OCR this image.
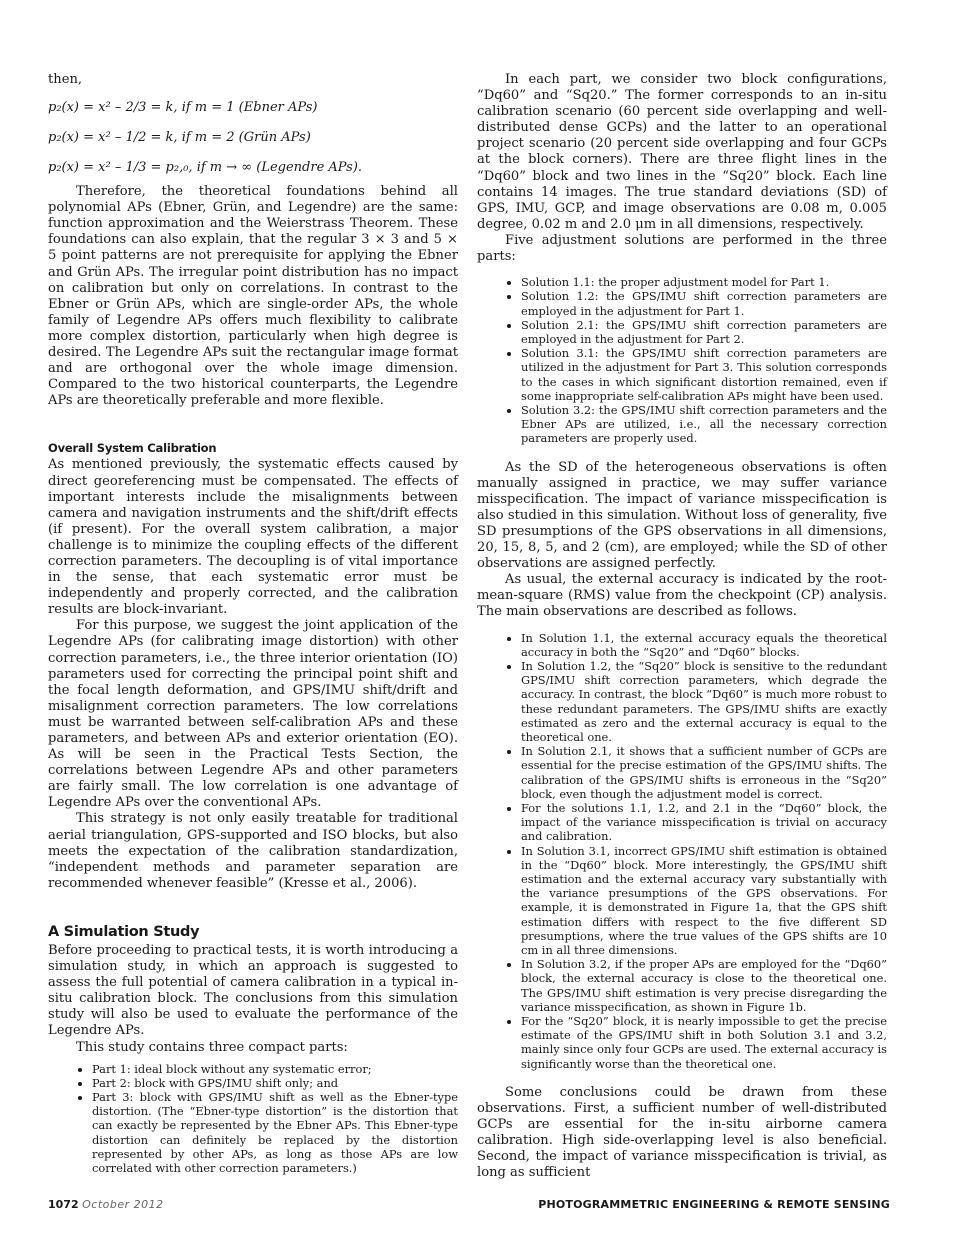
then,

p₂(x) = x² – 2/3 = k, if m = 1 (Ebner APs)
p₂(x) = x² – 1/2 = k, if m = 2 (Grün APs)
p₂(x) = x² – 1/3 = p₂,₀, if m → ∞ (Legendre APs).

Therefore, the theoretical foundations behind all polynomial APs (Ebner, Grün, and Legendre) are the same: function approximation and the Weierstrass Theorem. These foundations can also explain, that the regular 3 × 3 and 5 × 5 point patterns are not prerequisite for applying the Ebner and Grün APs. The irregular point distribution has no impact on calibration but only on correlations. In contrast to the Ebner or Grün APs, which are single-order APs, the whole family of Legendre APs offers much flexibility to calibrate more complex distortion, particularly when high degree is desired. The Legendre APs suit the rectangular image format and are orthogonal over the whole image dimension. Compared to the two historical counterparts, the Legendre APs are theoretically preferable and more flexible.

Overall System Calibration

As mentioned previously, the systematic effects caused by direct georeferencing must be compensated. The effects of important interests include the misalignments between camera and navigation instruments and the shift/drift effects (if present). For the overall system calibration, a major challenge is to minimize the coupling effects of the different correction parameters. The decoupling is of vital importance in the sense, that each systematic error must be independently and properly corrected, and the calibration results are block-invariant.

For this purpose, we suggest the joint application of the Legendre APs (for calibrating image distortion) with other correction parameters, i.e., the three interior orientation (IO) parameters used for correcting the principal point shift and the focal length deformation, and GPS/IMU shift/drift and misalignment correction parameters. The low correlations must be warranted between self-calibration APs and these parameters, and between APs and exterior orientation (EO). As will be seen in the Practical Tests Section, the correlations between Legendre APs and other parameters are fairly small. The low correlation is one advantage of Legendre APs over the conventional APs.

This strategy is not only easily treatable for traditional aerial triangulation, GPS-supported and ISO blocks, but also meets the expectation of the calibration standardization, “independent methods and parameter separation are recommended whenever feasible” (Kresse et al., 2006).

A Simulation Study

Before proceeding to practical tests, it is worth introducing a simulation study, in which an approach is suggested to assess the full potential of camera calibration in a typical in-situ calibration block. The conclusions from this simulation study will also be used to evaluate the performance of the Legendre APs.

This study contains three compact parts:

• Part 1: ideal block without any systematic error;
• Part 2: block with GPS/IMU shift only; and
• Part 3: block with GPS/IMU shift as well as the Ebner-type distortion. (The “Ebner-type distortion” is the distortion that can exactly be represented by the Ebner APs. This Ebner-type distortion can definitely be replaced by the distortion represented by other APs, as long as those APs are low correlated with other correction parameters.)

In each part, we consider two block configurations, “Dq60” and “Sq20.” The former corresponds to an in-situ calibration scenario (60 percent side overlapping and well-distributed dense GCPs) and the latter to an operational project scenario (20 percent side overlapping and four GCPs at the block corners). There are three flight lines in the “Dq60” block and two lines in the “Sq20” block. Each line contains 14 images. The true standard deviations (SD) of GPS, IMU, GCP, and image observations are 0.08 m, 0.005 degree, 0.02 m and 2.0 μm in all dimensions, respectively.

Five adjustment solutions are performed in the three parts:

• Solution 1.1: the proper adjustment model for Part 1.
• Solution 1.2: the GPS/IMU shift correction parameters are employed in the adjustment for Part 1.
• Solution 2.1: the GPS/IMU shift correction parameters are employed in the adjustment for Part 2.
• Solution 3.1: the GPS/IMU shift correction parameters are utilized in the adjustment for Part 3. This solution corresponds to the cases in which significant distortion remained, even if some inappropriate self-calibration APs might have been used.
• Solution 3.2: the GPS/IMU shift correction parameters and the Ebner APs are utilized, i.e., all the necessary correction parameters are properly used.

As the SD of the heterogeneous observations is often manually assigned in practice, we may suffer variance misspecification. The impact of variance misspecification is also studied in this simulation. Without loss of generality, five SD presumptions of the GPS observations in all dimensions, 20, 15, 8, 5, and 2 (cm), are employed; while the SD of other observations are assigned perfectly.

As usual, the external accuracy is indicated by the root-mean-square (RMS) value from the checkpoint (CP) analysis. The main observations are described as follows.

• In Solution 1.1, the external accuracy equals the theoretical accuracy in both the “Sq20” and “Dq60” blocks.
• In Solution 1.2, the “Sq20” block is sensitive to the redundant GPS/IMU shift correction parameters, which degrade the accuracy. In contrast, the block “Dq60” is much more robust to these redundant parameters. The GPS/IMU shifts are exactly estimated as zero and the external accuracy is equal to the theoretical one.
• In Solution 2.1, it shows that a sufficient number of GCPs are essential for the precise estimation of the GPS/IMU shifts. The calibration of the GPS/IMU shifts is erroneous in the “Sq20” block, even though the adjustment model is correct.
• For the solutions 1.1, 1.2, and 2.1 in the “Dq60” block, the impact of the variance misspecification is trivial on accuracy and calibration.
• In Solution 3.1, incorrect GPS/IMU shift estimation is obtained in the “Dq60” block. More interestingly, the GPS/IMU shift estimation and the external accuracy vary substantially with the variance presumptions of the GPS observations. For example, it is demonstrated in Figure 1a, that the GPS shift estimation differs with respect to the five different SD presumptions, where the true values of the GPS shifts are 10 cm in all three dimensions.
• In Solution 3.2, if the proper APs are employed for the “Dq60” block, the external accuracy is close to the theoretical one. The GPS/IMU shift estimation is very precise disregarding the variance misspecification, as shown in Figure 1b.
• For the “Sq20” block, it is nearly impossible to get the precise estimate of the GPS/IMU shift in both Solution 3.1 and 3.2, mainly since only four GCPs are used. The external accuracy is significantly worse than the theoretical one.

Some conclusions could be drawn from these observations. First, a sufficient number of well-distributed GCPs are essential for the in-situ airborne camera calibration. High side-overlapping level is also beneficial. Second, the impact of variance misspecification is trivial, as long as sufficient

1072 October 2012	PHOTOGRAMMETRIC ENGINEERING & REMOTE SENSING
